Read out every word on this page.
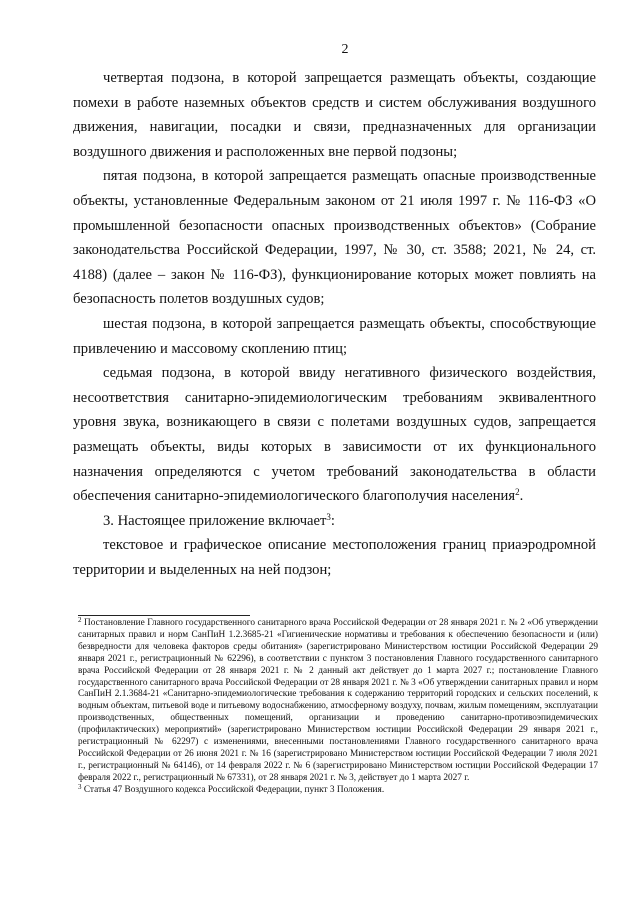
2

четвертая подзона, в которой запрещается размещать объекты, создающие помехи в работе наземных объектов средств и систем обслуживания воздушного движения, навигации, посадки и связи, предназначенных для организации воздушного движения и расположенных вне первой подзоны;

пятая подзона, в которой запрещается размещать опасные производственные объекты, установленные Федеральным законом от 21 июля 1997 г. № 116-ФЗ «О промышленной безопасности опасных производственных объектов» (Собрание законодательства Российской Федерации, 1997, № 30, ст. 3588; 2021, № 24, ст. 4188) (далее – закон № 116-ФЗ), функционирование которых может повлиять на безопасность полетов воздушных судов;

шестая подзона, в которой запрещается размещать объекты, способствующие привлечению и массовому скоплению птиц;

седьмая подзона, в которой ввиду негативного физического воздействия, несоответствия санитарно-эпидемиологическим требованиям эквивалентного уровня звука, возникающего в связи с полетами воздушных судов, запрещается размещать объекты, виды которых в зависимости от их функционального назначения определяются с учетом требований законодательства в области обеспечения санитарно-эпидемиологического благополучия населения$^2$.

3. Настоящее приложение включает$^3$:

текстовое и графическое описание местоположения границ приаэродромной территории и выделенных на ней подзон;

$^2$ Постановление Главного государственного санитарного врача Российской Федерации от 28 января 2021 г. № 2 «Об утверждении санитарных правил и норм СанПиН 1.2.3685-21 «Гигиенические нормативы и требования к обеспечению безопасности и (или) безвредности для человека факторов среды обитания» (зарегистрировано Министерством юстиции Российской Федерации 29 января 2021 г., регистрационный № 62296), в соответствии с пунктом 3 постановления Главного государственного санитарного врача Российской Федерации от 28 января 2021 г. № 2 данный акт действует до 1 марта 2027 г.; постановление Главного государственного санитарного врача Российской Федерации от 28 января 2021 г. № 3 «Об утверждении санитарных правил и норм СанПиН 2.1.3684-21 «Санитарно-эпидемиологические требования к содержанию территорий городских и сельских поселений, к водным объектам, питьевой воде и питьевому водоснабжению, атмосферному воздуху, почвам, жилым помещениям, эксплуатации производственных, общественных помещений, организации и проведению санитарно-противоэпидемических (профилактических) мероприятий» (зарегистрировано Министерством юстиции Российской Федерации 29 января 2021 г., регистрационный № 62297) с изменениями, внесенными постановлениями Главного государственного санитарного врача Российской Федерации от 26 июня 2021 г. № 16 (зарегистрировано Министерством юстиции Российской Федерации 7 июля 2021 г., регистрационный № 64146), от 14 февраля 2022 г. № 6 (зарегистрировано Министерством юстиции Российской Федерации 17 февраля 2022 г., регистрационный № 67331), от 28 января 2021 г. № 3, действует до 1 марта 2027 г.

$^3$ Статья 47 Воздушного кодекса Российской Федерации, пункт 3 Положения.
